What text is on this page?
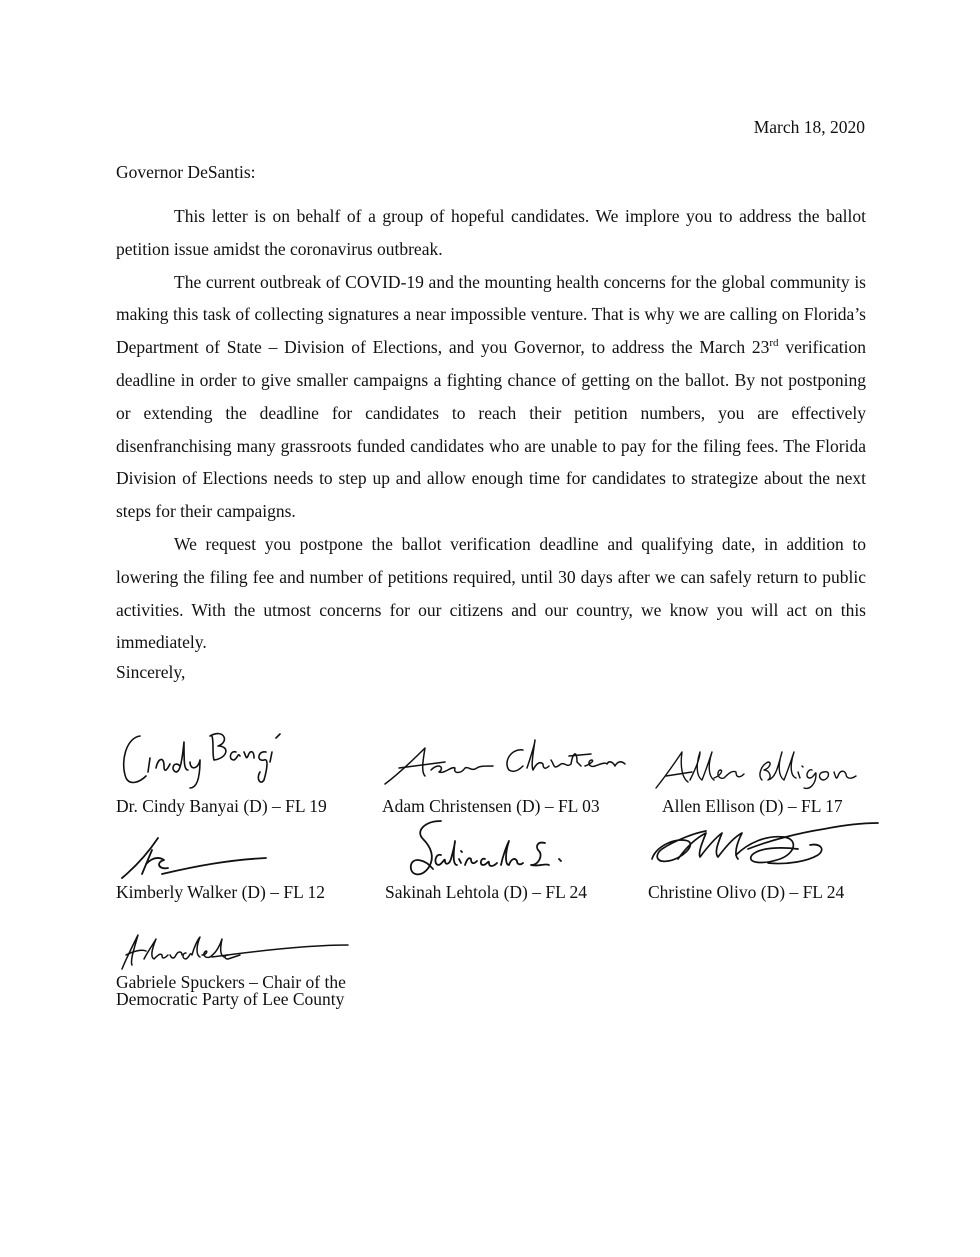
March 18, 2020
Governor DeSantis:

This letter is on behalf of a group of hopeful candidates. We implore you to address the ballot petition issue amidst the coronavirus outbreak.

The current outbreak of COVID-19 and the mounting health concerns for the global community is making this task of collecting signatures a near impossible venture. That is why we are calling on Florida’s Department of State – Division of Elections, and you Governor, to address the March 23rd verification deadline in order to give smaller campaigns a fighting chance of getting on the ballot. By not postponing or extending the deadline for candidates to reach their petition numbers, you are effectively disenfranchising many grassroots funded candidates who are unable to pay for the filing fees. The Florida Division of Elections needs to step up and allow enough time for candidates to strategize about the next steps for their campaigns.

We request you postpone the ballot verification deadline and qualifying date, in addition to lowering the filing fee and number of petitions required, until 30 days after we can safely return to public activities. With the utmost concerns for our citizens and our country, we know you will act on this immediately.

Sincerely,
Dr. Cindy Banyai (D) – FL 19	Adam Christensen (D) – FL 03	Allen Ellison (D) – FL 17
Kimberly Walker (D) – FL 12	Sakinah Lehtola (D) – FL 24	Christine Olivo (D) – FL 24
Gabriele Spuckers – Chair of the
Democratic Party of Lee County
